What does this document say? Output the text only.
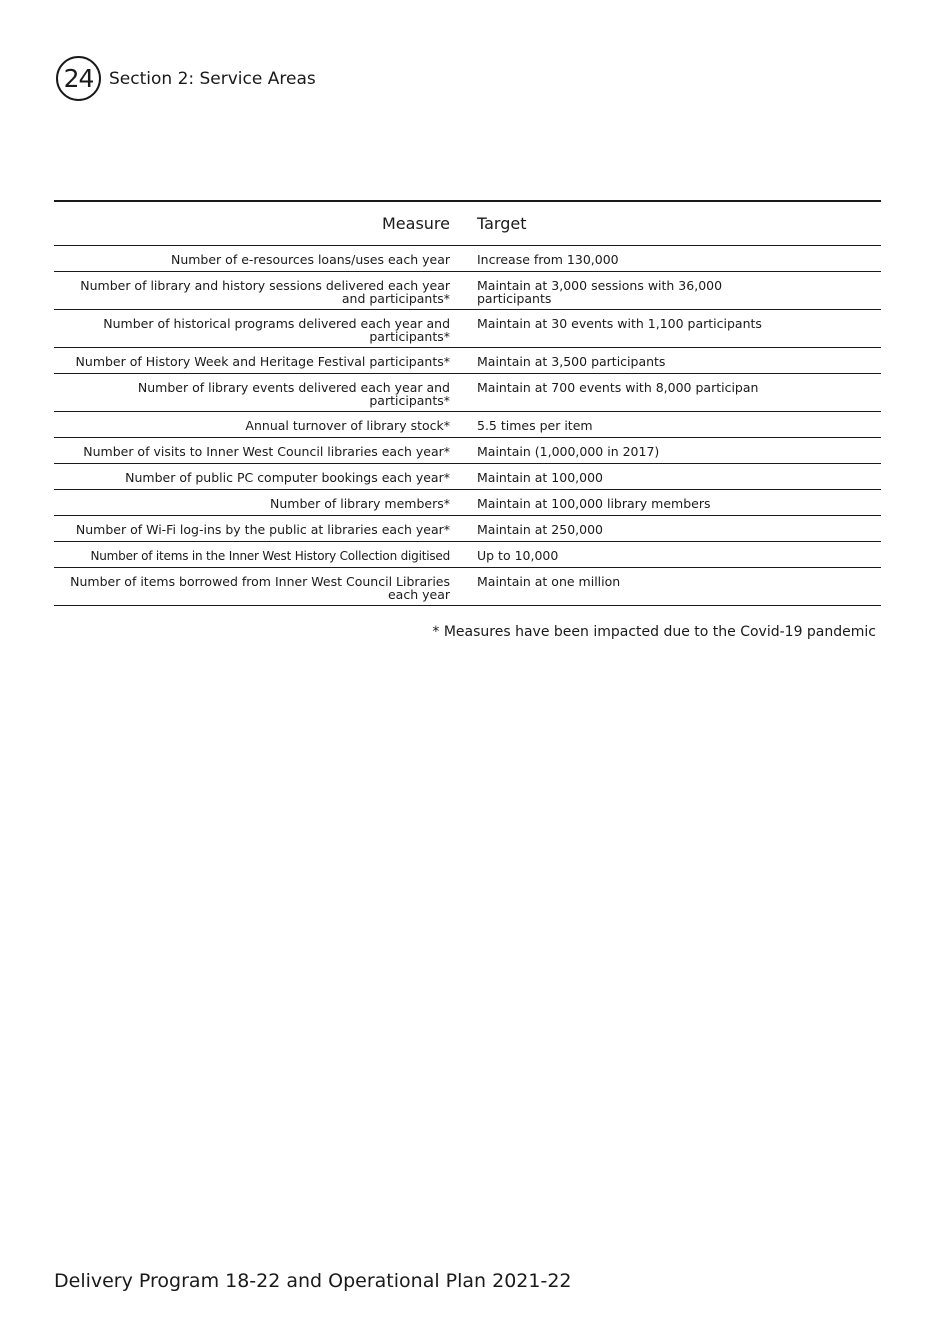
24 Section 2: Service Areas
Measure	Target
Number of e-resources loans/uses each year	Increase from 130,000
Number of library and history sessions delivered each year and participants*	Maintain at 3,000 sessions with 36,000 participants
Number of historical programs delivered each year and participants*	Maintain at 30 events with 1,100 participants
Number of History Week and Heritage Festival participants*	Maintain at 3,500 participants
Number of library events delivered each year and participants*	Maintain at 700 events with 8,000 participan
Annual turnover of library stock*	5.5 times per item
Number of visits to Inner West Council libraries each year*	Maintain (1,000,000 in 2017)
Number of public PC computer bookings each year*	Maintain at 100,000
Number of library members*	Maintain at 100,000 library members
Number of Wi-Fi log-ins by the public at libraries each year*	Maintain at 250,000
Number of items in the Inner West History Collection digitised	Up to 10,000
Number of items borrowed from Inner West Council Libraries each year	Maintain at one million
* Measures have been impacted due to the Covid-19 pandemic
Delivery Program 18-22 and Operational Plan 2021-22
